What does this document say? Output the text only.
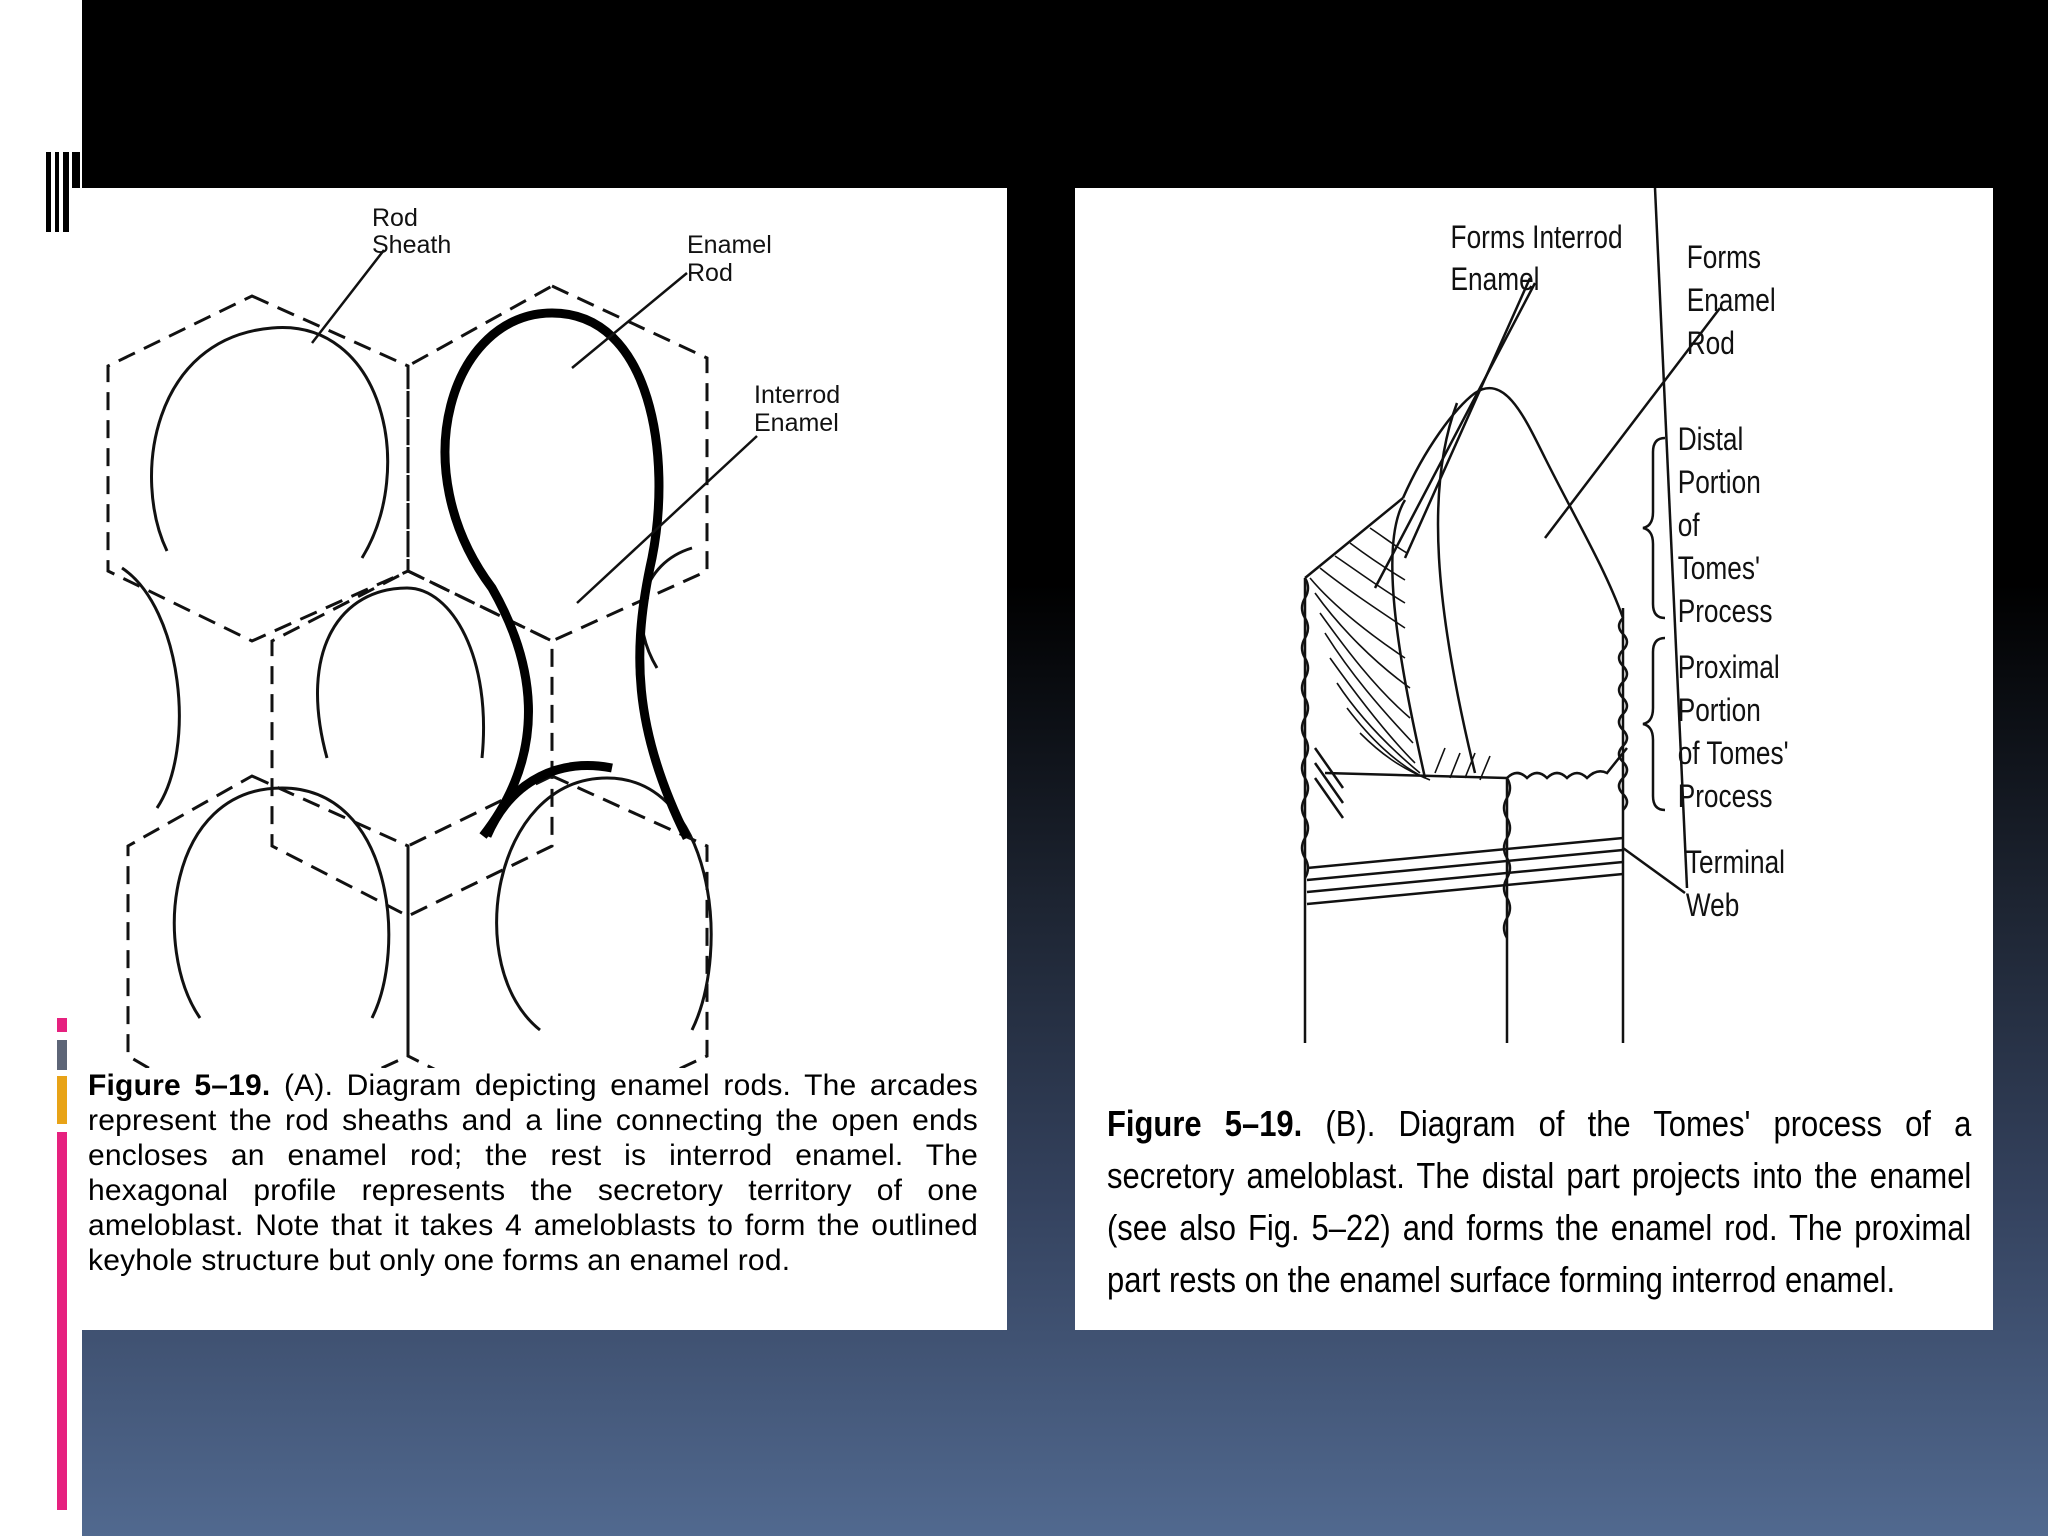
Rod
Sheath	Enamel
Rod
Interrod
Enamel
Figure 5–19. (A). Diagram depicting enamel rods. The arcades represent the rod sheaths and a line connecting the open ends encloses an enamel rod; the rest is interrod enamel. The hexagonal profile represents the secretory territory of one ameloblast. Note that it takes 4 ameloblasts to form the outlined keyhole structure but only one forms an enamel rod.
Forms Interrod
Enamel
Forms
Enamel
Rod
Distal
Portion
of
Tomes'
Process
Proximal
Portion
of Tomes'
Process
Terminal
Web
Figure 5–19. (B). Diagram of the Tomes' process of a secretory ameloblast. The distal part projects into the enamel (see also Fig. 5–22) and forms the enamel rod. The proximal part rests on the enamel surface forming interrod enamel.
